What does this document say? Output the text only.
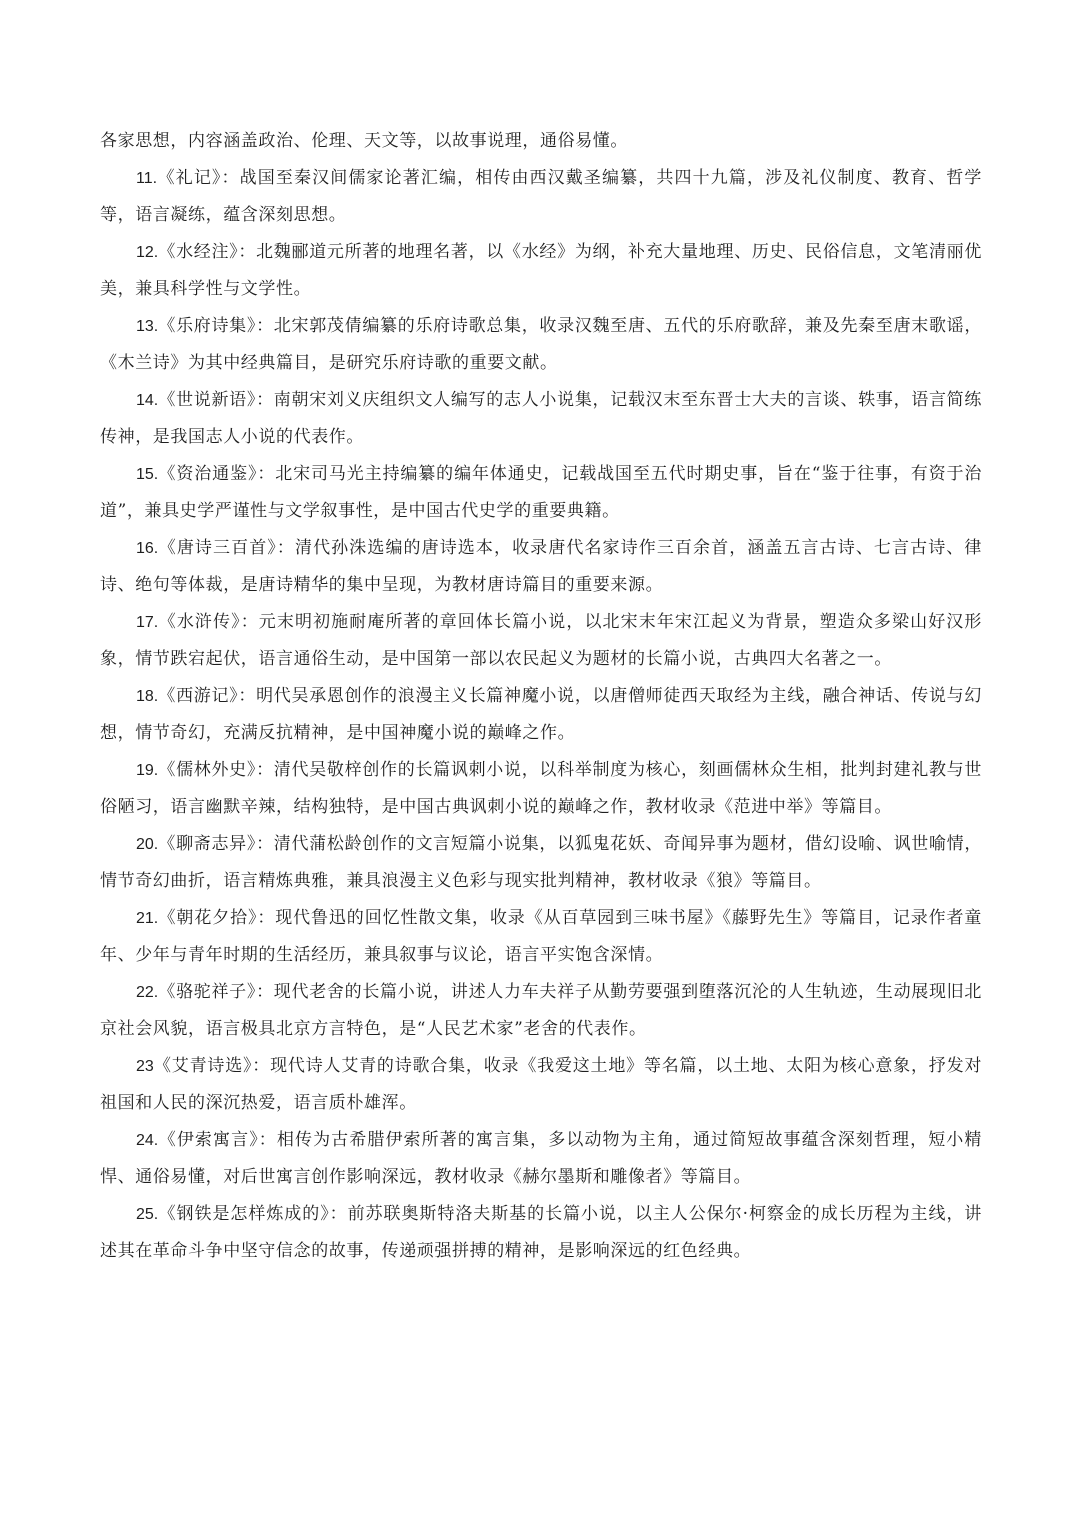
各家思想，内容涵盖政治、伦理、天文等，以故事说理，通俗易懂。

11.《礼记》：战国至秦汉间儒家论著汇编，相传由西汉戴圣编纂，共四十九篇，涉及礼仪制度、教育、哲学等，语言凝练，蕴含深刻思想。

12.《水经注》：北魏郦道元所著的地理名著，以《水经》为纲，补充大量地理、历史、民俗信息，文笔清丽优美，兼具科学性与文学性。

13.《乐府诗集》：北宋郭茂倩编纂的乐府诗歌总集，收录汉魏至唐、五代的乐府歌辞，兼及先秦至唐末歌谣，《木兰诗》为其中经典篇目，是研究乐府诗歌的重要文献。

14.《世说新语》：南朝宋刘义庆组织文人编写的志人小说集，记载汉末至东晋士大夫的言谈、轶事，语言简练传神，是我国志人小说的代表作。

15.《资治通鉴》：北宋司马光主持编纂的编年体通史，记载战国至五代时期史事，旨在“鉴于往事，有资于治道”，兼具史学严谨性与文学叙事性，是中国古代史学的重要典籍。

16.《唐诗三百首》：清代孙洙选编的唐诗选本，收录唐代名家诗作三百余首，涵盖五言古诗、七言古诗、律诗、绝句等体裁，是唐诗精华的集中呈现，为教材唐诗篇目的重要来源。

17.《水浒传》：元末明初施耐庵所著的章回体长篇小说，以北宋末年宋江起义为背景，塑造众多梁山好汉形象，情节跌宕起伏，语言通俗生动，是中国第一部以农民起义为题材的长篇小说，古典四大名著之一。

18.《西游记》：明代吴承恩创作的浪漫主义长篇神魔小说，以唐僧师徒西天取经为主线，融合神话、传说与幻想，情节奇幻，充满反抗精神，是中国神魔小说的巅峰之作。

19.《儒林外史》：清代吴敬梓创作的长篇讽刺小说，以科举制度为核心，刻画儒林众生相，批判封建礼教与世俗陋习，语言幽默辛辣，结构独特，是中国古典讽刺小说的巅峰之作，教材收录《范进中举》等篇目。

20.《聊斋志异》：清代蒲松龄创作的文言短篇小说集，以狐鬼花妖、奇闻异事为题材，借幻设喻、讽世喻情，情节奇幻曲折，语言精炼典雅，兼具浪漫主义色彩与现实批判精神，教材收录《狼》等篇目。

21.《朝花夕拾》：现代鲁迅的回忆性散文集，收录《从百草园到三味书屋》《藤野先生》等篇目，记录作者童年、少年与青年时期的生活经历，兼具叙事与议论，语言平实饱含深情。

22.《骆驼祥子》：现代老舍的长篇小说，讲述人力车夫祥子从勤劳要强到堕落沉沦的人生轨迹，生动展现旧北京社会风貌，语言极具北京方言特色，是“人民艺术家”老舍的代表作。

23《艾青诗选》：现代诗人艾青的诗歌合集，收录《我爱这土地》等名篇，以土地、太阳为核心意象，抒发对祖国和人民的深沉热爱，语言质朴雄浑。

24.《伊索寓言》：相传为古希腊伊索所著的寓言集，多以动物为主角，通过简短故事蕴含深刻哲理，短小精悍、通俗易懂，对后世寓言创作影响深远，教材收录《赫尔墨斯和雕像者》等篇目。

25.《钢铁是怎样炼成的》：前苏联奥斯特洛夫斯基的长篇小说，以主人公保尔·柯察金的成长历程为主线，讲述其在革命斗争中坚守信念的故事，传递顽强拼搏的精神，是影响深远的红色经典。
